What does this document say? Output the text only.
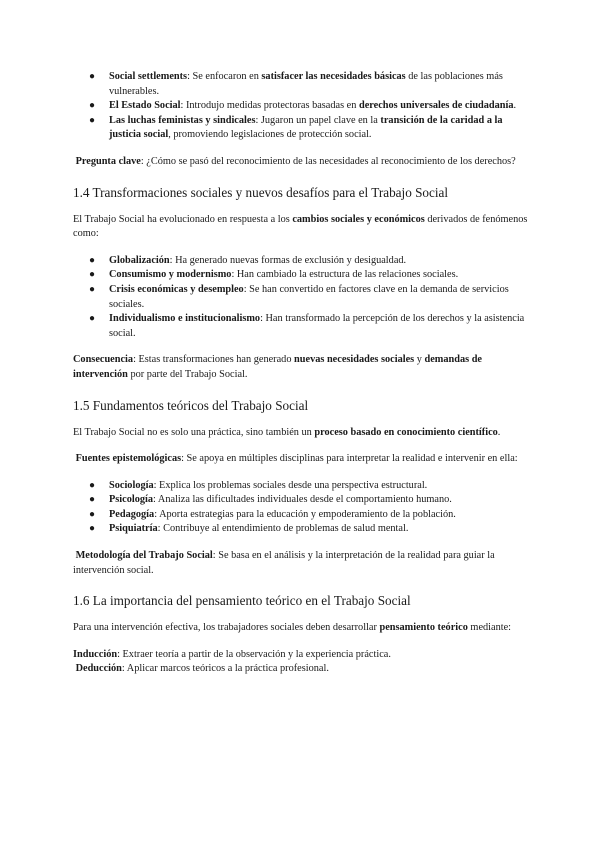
● Social settlements: Se enfocaron en satisfacer las necesidades básicas de las poblaciones más vulnerables.
● El Estado Social: Introdujo medidas protectoras basadas en derechos universales de ciudadanía.
● Las luchas feministas y sindicales: Jugaron un papel clave en la transición de la caridad a la justicia social, promoviendo legislaciones de protección social.

Pregunta clave: ¿Cómo se pasó del reconocimiento de las necesidades al reconocimiento de los derechos?

1.4 Transformaciones sociales y nuevos desafíos para el Trabajo Social

El Trabajo Social ha evolucionado en respuesta a los cambios sociales y económicos derivados de fenómenos como:

● Globalización: Ha generado nuevas formas de exclusión y desigualdad.
● Consumismo y modernismo: Han cambiado la estructura de las relaciones sociales.
● Crisis económicas y desempleo: Se han convertido en factores clave en la demanda de servicios sociales.
● Individualismo e institucionalismo: Han transformado la percepción de los derechos y la asistencia social.

Consecuencia: Estas transformaciones han generado nuevas necesidades sociales y demandas de intervención por parte del Trabajo Social.

1.5 Fundamentos teóricos del Trabajo Social

El Trabajo Social no es solo una práctica, sino también un proceso basado en conocimiento científico.

Fuentes epistemológicas: Se apoya en múltiples disciplinas para interpretar la realidad e intervenir en ella:

● Sociología: Explica los problemas sociales desde una perspectiva estructural.
● Psicología: Analiza las dificultades individuales desde el comportamiento humano.
● Pedagogía: Aporta estrategias para la educación y empoderamiento de la población.
● Psiquiatría: Contribuye al entendimiento de problemas de salud mental.

Metodología del Trabajo Social: Se basa en el análisis y la interpretación de la realidad para guiar la intervención social.

1.6 La importancia del pensamiento teórico en el Trabajo Social

Para una intervención efectiva, los trabajadores sociales deben desarrollar pensamiento teórico mediante:

Inducción: Extraer teoría a partir de la observación y la experiencia práctica.

Deducción: Aplicar marcos teóricos a la práctica profesional.
